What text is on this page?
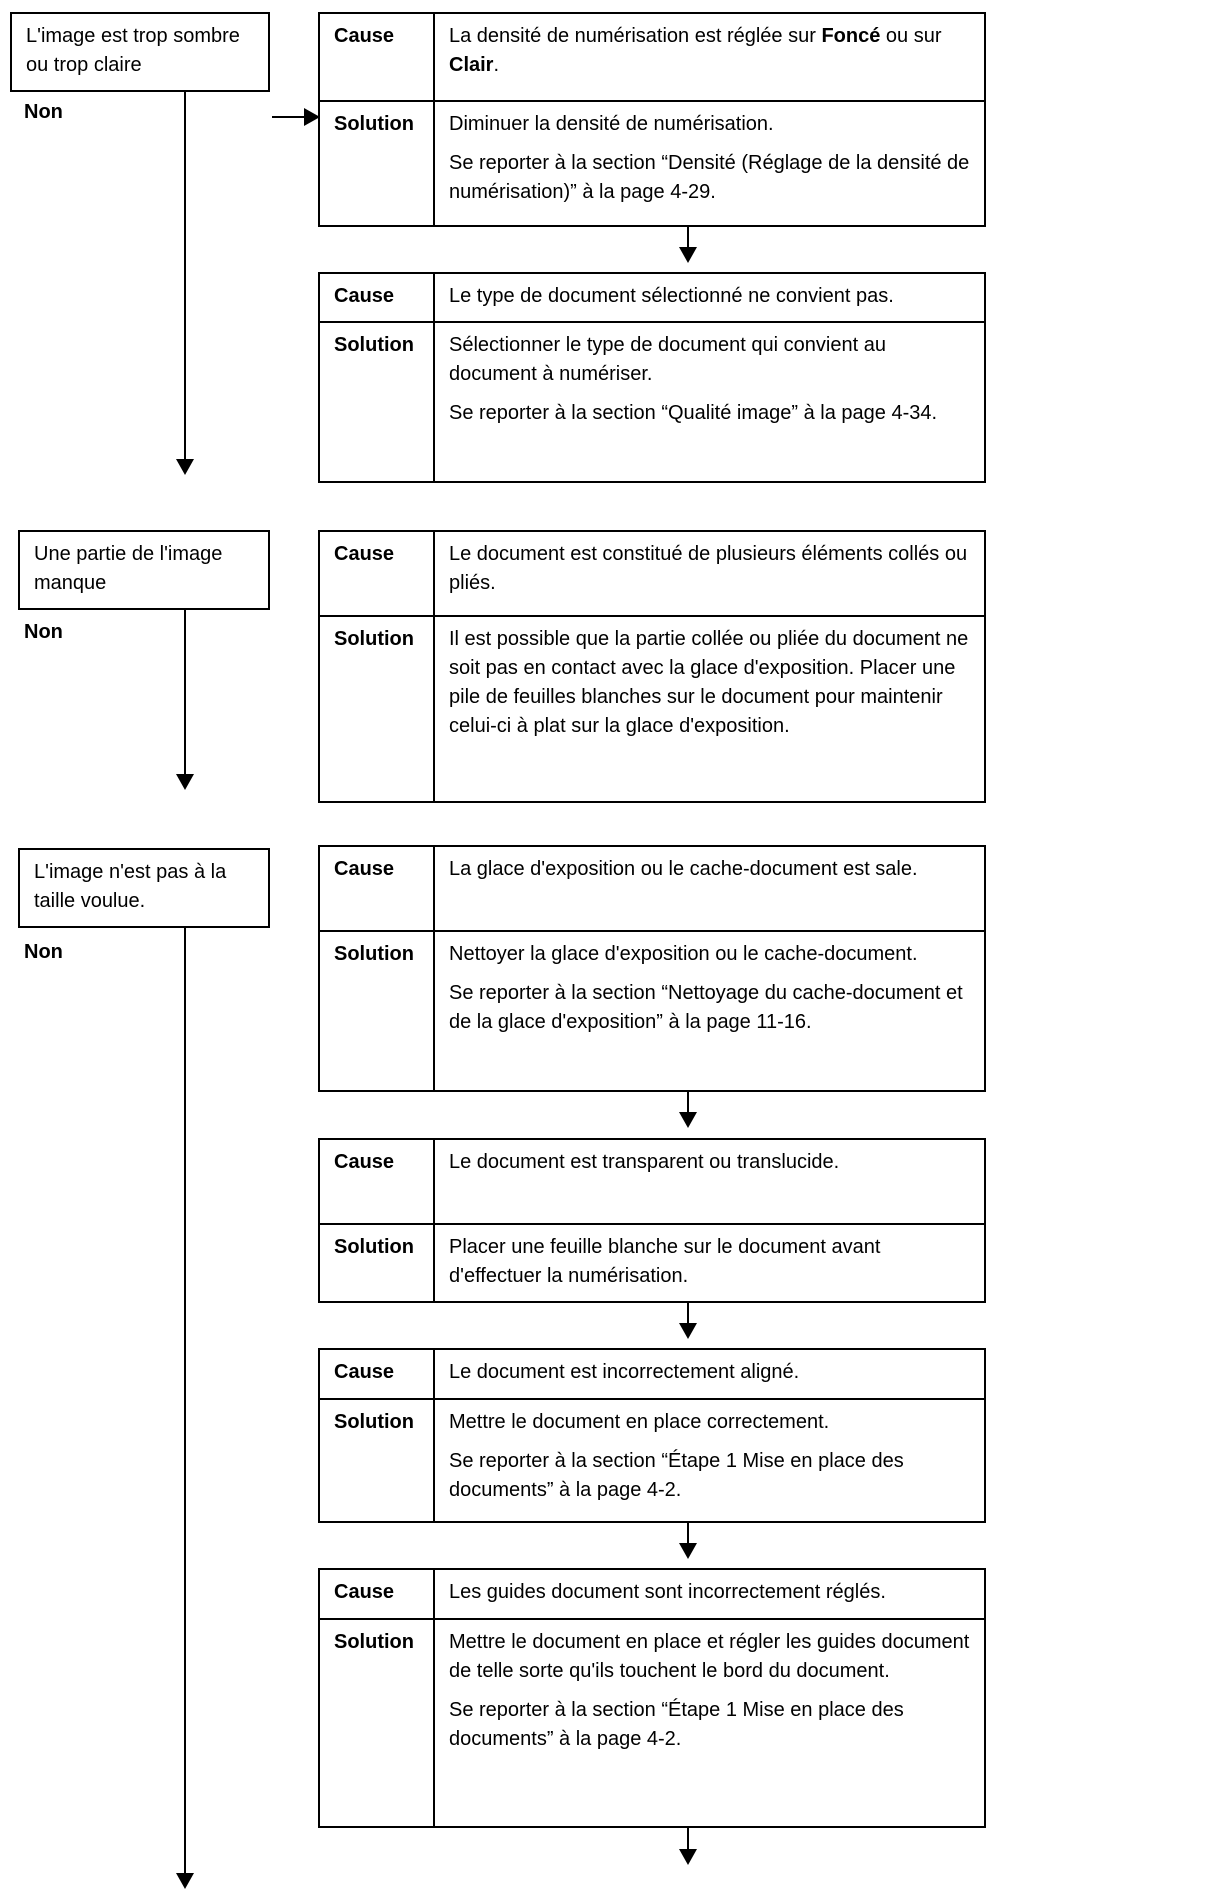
L'image est trop sombre ou trop claire
Non
Une partie de l'image manque
Non
L'image n'est pas à la taille voulue.
Non
Cause	La densité de numérisation est réglée sur Foncé ou sur Clair.

Solution	Diminuer la densité de numérisation.

Se reporter à la section “Densité (Réglage de la densité de numérisation)” à la page 4-29.

Cause	Le type de document sélectionné ne convient pas.

Solution	Sélectionner le type de document qui convient au document à numériser.

Se reporter à la section “Qualité image” à la page 4-34.

Cause	Le document est constitué de plusieurs éléments collés ou pliés.

Solution	Il est possible que la partie collée ou pliée du document ne soit pas en contact avec la glace d'exposition. Placer une pile de feuilles blanches sur le document pour maintenir celui-ci à plat sur la glace d'exposition.

Cause	La glace d'exposition ou le cache-document est sale.

Solution	Nettoyer la glace d'exposition ou le cache-document.

Se reporter à la section “Nettoyage du cache-document et de la glace d'exposition” à la page 11-16.

Cause	Le document est transparent ou translucide.

Solution	Placer une feuille blanche sur le document avant d'effectuer la numérisation.

Cause	Le document est incorrectement aligné.

Solution	Mettre le document en place correctement.

Se reporter à la section “Étape 1 Mise en place des documents” à la page 4-2.

Cause	Les guides document sont incorrectement réglés.

Solution	Mettre le document en place et régler les guides document de telle sorte qu'ils touchent le bord du document.

Se reporter à la section “Étape 1 Mise en place des documents” à la page 4-2.
